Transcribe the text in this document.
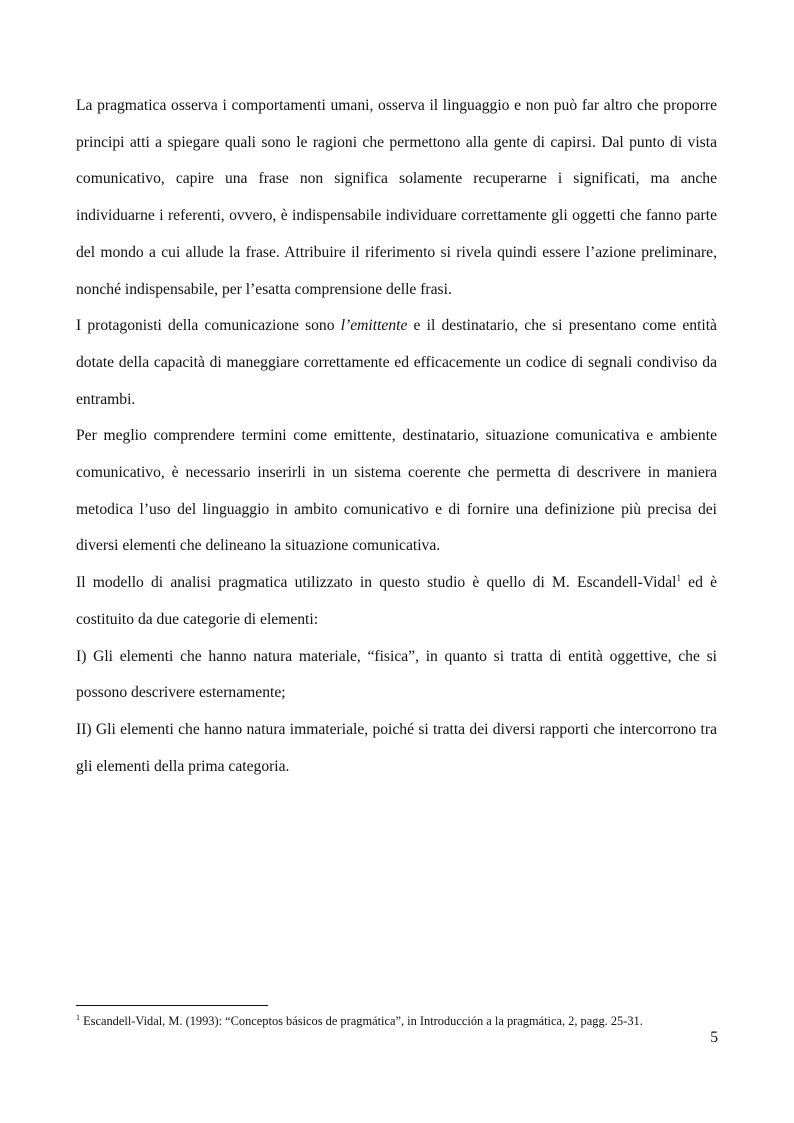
La pragmatica osserva i comportamenti umani, osserva il linguaggio e non può far altro che proporre principi atti a spiegare quali sono le ragioni che permettono alla gente di capirsi. Dal punto di vista comunicativo, capire una frase non significa solamente recuperarne i significati, ma anche individuarne i referenti, ovvero, è indispensabile individuare correttamente gli oggetti che fanno parte del mondo a cui allude la frase. Attribuire il riferimento si rivela quindi essere l’azione preliminare, nonché indispensabile, per l’esatta comprensione delle frasi.

I protagonisti della comunicazione sono l’emittente e il destinatario, che si presentano come entità dotate della capacità di maneggiare correttamente ed efficacemente un codice di segnali condiviso da entrambi.

Per meglio comprendere termini come emittente, destinatario, situazione comunicativa e ambiente comunicativo, è necessario inserirli in un sistema coerente che permetta di descrivere in maniera metodica l’uso del linguaggio in ambito comunicativo e di fornire una definizione più precisa dei diversi elementi che delineano la situazione comunicativa.

Il modello di analisi pragmatica utilizzato in questo studio è quello di M. Escandell-Vidal$^1$ ed è costituito da due categorie di elementi:

I) Gli elementi che hanno natura materiale, “fisica”, in quanto si tratta di entità oggettive, che si possono descrivere esternamente;

II) Gli elementi che hanno natura immateriale, poiché si tratta dei diversi rapporti che intercorrono tra gli elementi della prima categoria.

$^1$ Escandell-Vidal, M. (1993): “Conceptos básicos de pragmática”, in Introducción a la pragmática, 2, pagg. 25-31.
5
